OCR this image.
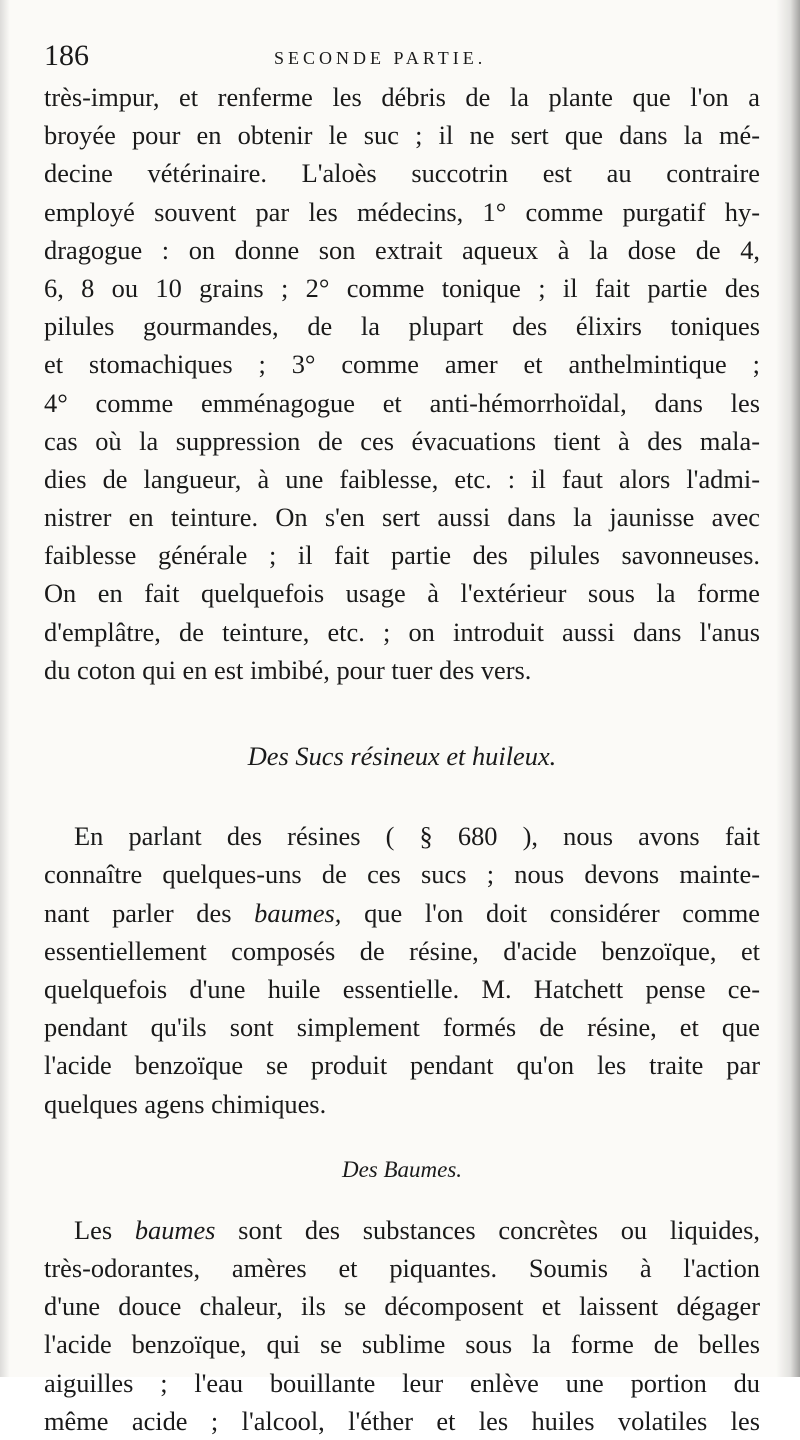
186	SECONDE PARTIE.
très-impur, et renferme les débris de la plante que l'on a
broyée pour en obtenir le suc ; il ne sert que dans la mé-
decine vétérinaire. L'aloès succotrin est au contraire
employé souvent par les médecins, 1° comme purgatif hy-
dragogue : on donne son extrait aqueux à la dose de 4,
6, 8 ou 10 grains ; 2° comme tonique ; il fait partie des
pilules gourmandes, de la plupart des élixirs toniques
et stomachiques ; 3° comme amer et anthelmintique ;
4° comme emménagogue et anti-hémorrhoïdal, dans les
cas où la suppression de ces évacuations tient à des mala-
dies de langueur, à une faiblesse, etc. : il faut alors l'admi-
nistrer en teinture. On s'en sert aussi dans la jaunisse avec
faiblesse générale ; il fait partie des pilules savonneuses.
On en fait quelquefois usage à l'extérieur sous la forme
d'emplâtre, de teinture, etc. ; on introduit aussi dans l'anus
du coton qui en est imbibé, pour tuer des vers.
Des Sucs résineux et huileux.
En parlant des résines ( § 680 ), nous avons fait
connaître quelques-uns de ces sucs ; nous devons mainte-
nant parler des baumes, que l'on doit considérer comme
essentiellement composés de résine, d'acide benzoïque, et
quelquefois d'une huile essentielle. M. Hatchett pense ce-
pendant qu'ils sont simplement formés de résine, et que
l'acide benzoïque se produit pendant qu'on les traite par
quelques agens chimiques.
Des Baumes.
Les baumes sont des substances concrètes ou liquides,
très-odorantes, amères et piquantes. Soumis à l'action
d'une douce chaleur, ils se décomposent et laissent dégager
l'acide benzoïque, qui se sublime sous la forme de belles
aiguilles ; l'eau bouillante leur enlève une portion du
même acide ; l'alcool, l'éther et les huiles volatiles les
